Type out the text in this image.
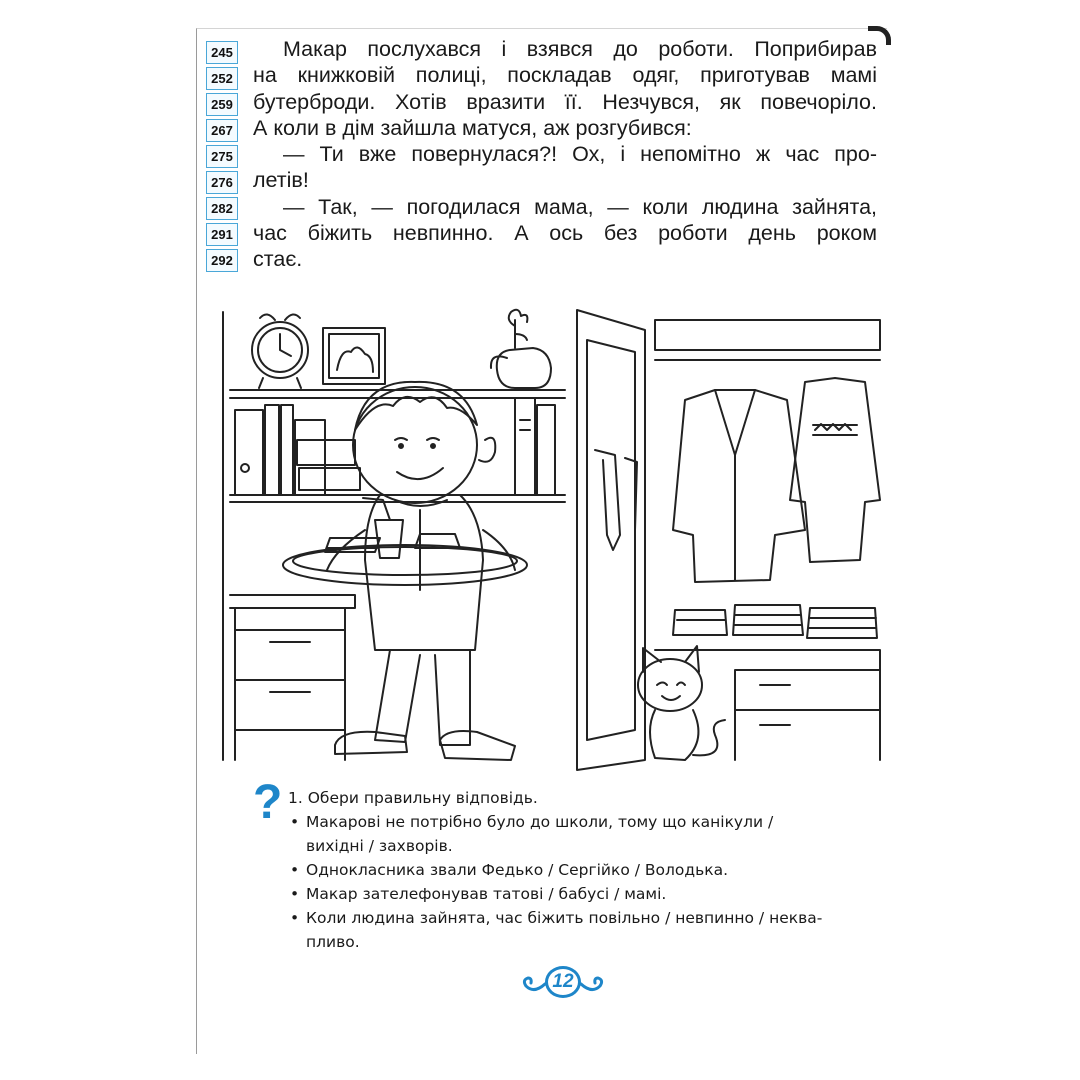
245
252
259
267
275
276
282
291
292
Макар послухався і взявся до роботи. Поприбирав
на книжковій полиці, поскладав одяг, приготував мамі
бутерброди. Хотів вразити її. Незчувся, як повечоріло.
А коли в дім зайшла матуся, аж розгубився:
— Ти вже повернулася?! Ох, і непомітно ж час про-
летів!
— Так, — погодилася мама, — коли людина зайнята,
час біжить невпинно. А ось без роботи день роком
стає.
? 1. Обери правильну відповідь.
• Макарові не потрібно було до школи, тому що канікули /
вихідні / захворів.
• Однокласника звали Федько / Сергійко / Володька.
• Макар зателефонував татові / бабусі / мамі.
• Коли людина зайнята, час біжить повільно / невпинно / неква-
пливо.
12
